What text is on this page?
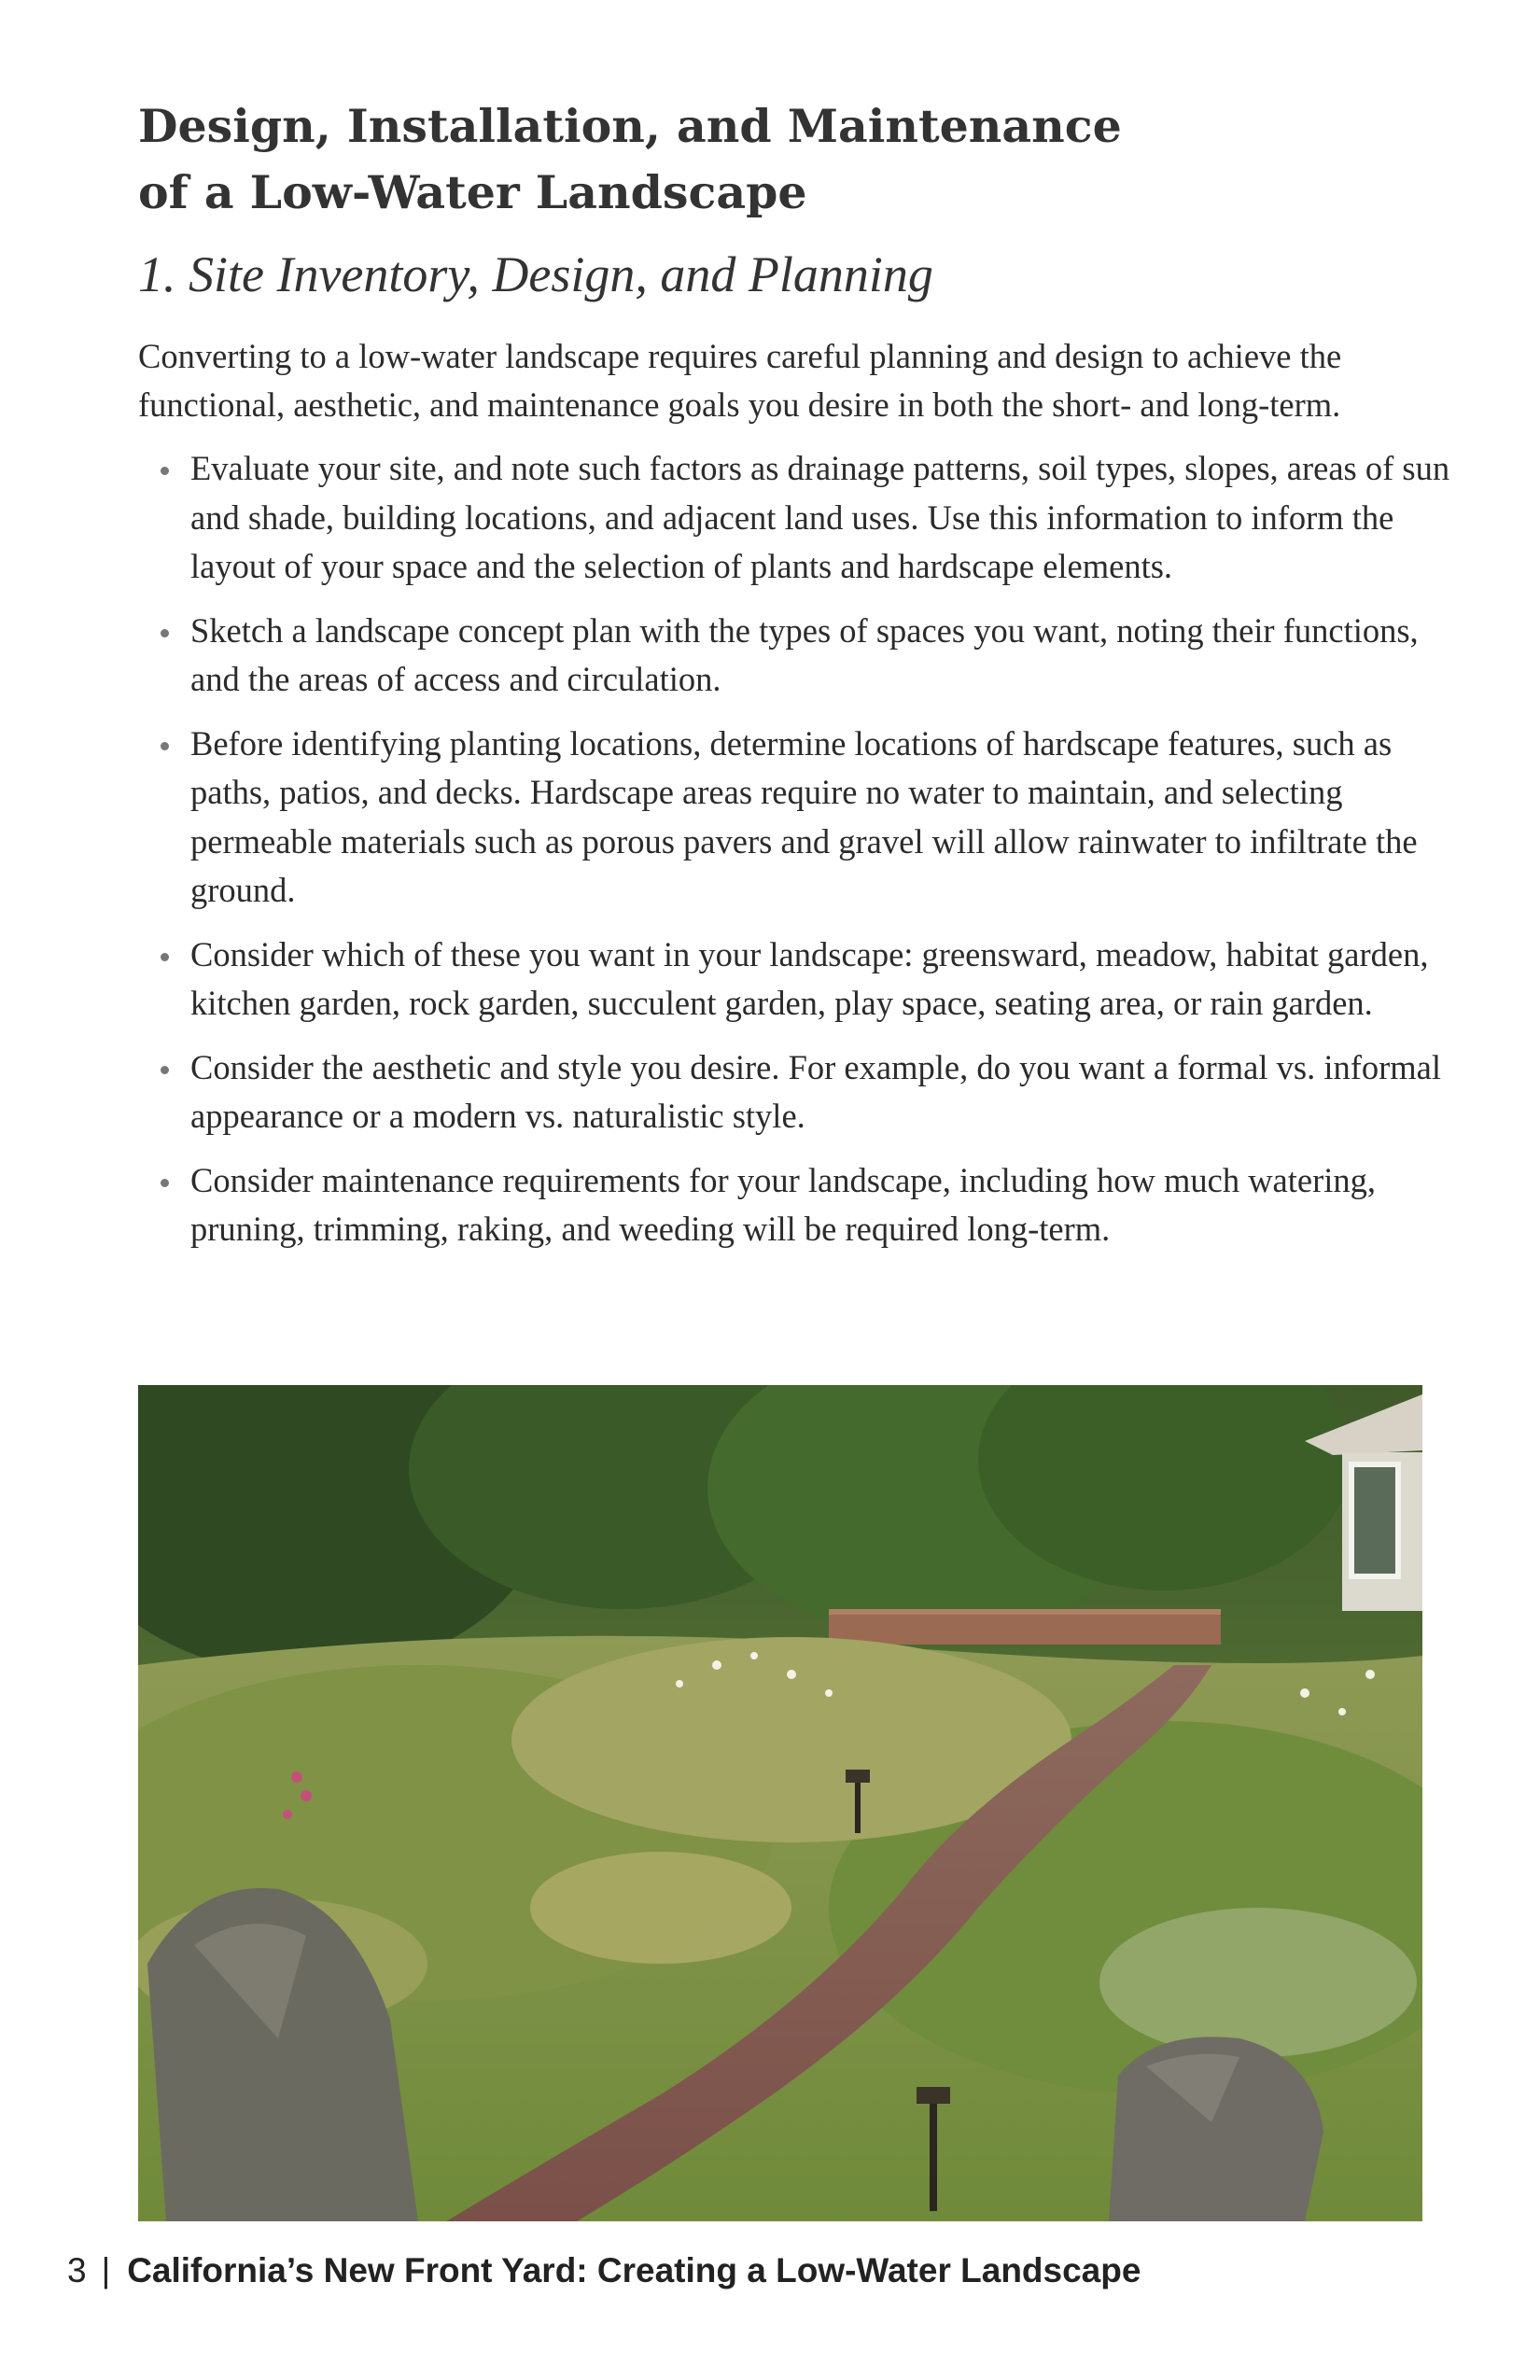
Design, Installation, and Maintenance
of a Low-Water Landscape
1. Site Inventory, Design, and Planning

Converting to a low-water landscape requires careful planning and design to achieve the functional, aesthetic, and maintenance goals you desire in both the short- and long-term.

Evaluate your site, and note such factors as drainage patterns, soil types, slopes, areas of sun and shade, building locations, and adjacent land uses. Use this information to inform the layout of your space and the selection of plants and hardscape elements.
Sketch a landscape concept plan with the types of spaces you want, noting their functions, and the areas of access and circulation.
Before identifying planting locations, determine locations of hardscape features, such as paths, patios, and decks. Hardscape areas require no water to maintain, and selecting permeable materials such as porous pavers and gravel will allow rainwater to infiltrate the ground.
Consider which of these you want in your landscape: greensward, meadow, habitat garden, kitchen garden, rock garden, succulent garden, play space, seating area, or rain garden.
Consider the aesthetic and style you desire. For example, do you want a formal vs. informal appearance or a modern vs. naturalistic style.
Consider maintenance requirements for your landscape, including how much watering, pruning, trimming, raking, and weeding will be required long-term.
3 | California’s New Front Yard: Creating a Low-Water Landscape
